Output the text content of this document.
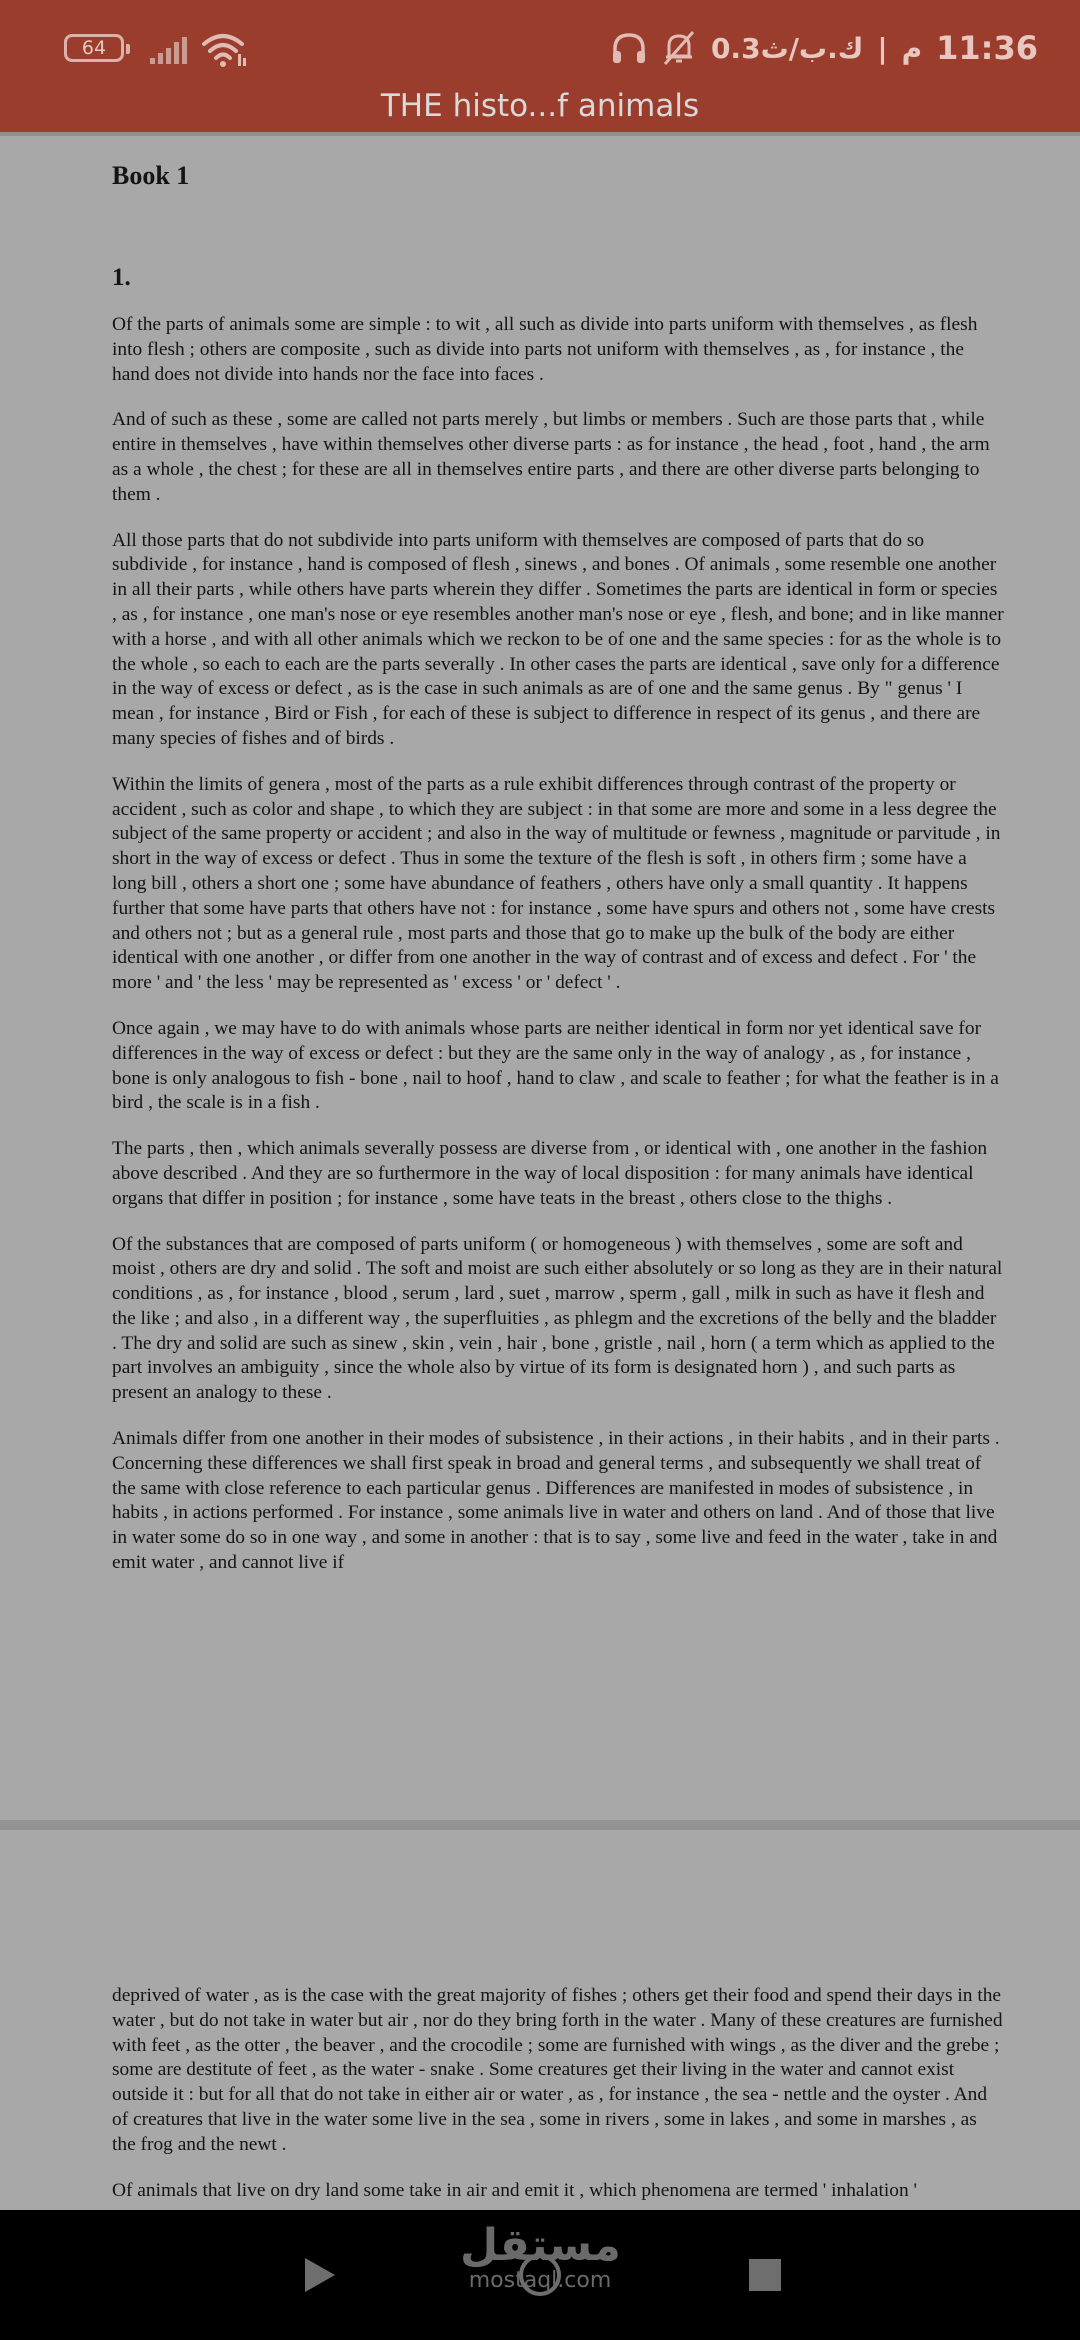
64	0.3ك.ب/ث | م 11:36
THE histo...f animals
Book 1
1.

Of the parts of animals some are simple : to wit , all such as divide into parts uniform with themselves , as flesh into flesh ; others are composite , such as divide into parts not uniform with themselves , as , for instance , the hand does not divide into hands nor the face into faces .

And of such as these , some are called not parts merely , but limbs or members . Such are those parts that , while entire in themselves , have within themselves other diverse parts : as for instance , the head , foot , hand , the arm as a whole , the chest ; for these are all in themselves entire parts , and there are other diverse parts belonging to them .

All those parts that do not subdivide into parts uniform with themselves are composed of parts that do so subdivide , for instance , hand is composed of flesh , sinews , and bones . Of animals , some resemble one another in all their parts , while others have parts wherein they differ . Sometimes the parts are identical in form or species , as , for instance , one man's nose or eye resembles another man's nose or eye , flesh, and bone; and in like manner with a horse , and with all other animals which we reckon to be of one and the same species : for as the whole is to the whole , so each to each are the parts severally . In other cases the parts are identical , save only for a difference in the way of excess or defect , as is the case in such animals as are of one and the same genus . By " genus ' I mean , for instance , Bird or Fish , for each of these is subject to difference in respect of its genus , and there are many species of fishes and of birds .

Within the limits of genera , most of the parts as a rule exhibit differences through contrast of the property or accident , such as color and shape , to which they are subject : in that some are more and some in a less degree the subject of the same property or accident ; and also in the way of multitude or fewness , magnitude or parvitude , in short in the way of excess or defect . Thus in some the texture of the flesh is soft , in others firm ; some have a long bill , others a short one ; some have abundance of feathers , others have only a small quantity . It happens further that some have parts that others have not : for instance , some have spurs and others not , some have crests and others not ; but as a general rule , most parts and those that go to make up the bulk of the body are either identical with one another , or differ from one another in the way of contrast and of excess and defect . For ' the more ' and ' the less ' may be represented as ' excess ' or ' defect ' .

Once again , we may have to do with animals whose parts are neither identical in form nor yet identical save for differences in the way of excess or defect : but they are the same only in the way of analogy , as , for instance , bone is only analogous to fish - bone , nail to hoof , hand to claw , and scale to feather ; for what the feather is in a bird , the scale is in a fish .

The parts , then , which animals severally possess are diverse from , or identical with , one another in the fashion above described . And they are so furthermore in the way of local disposition : for many animals have identical organs that differ in position ; for instance , some have teats in the breast , others close to the thighs .

Of the substances that are composed of parts uniform ( or homogeneous ) with themselves , some are soft and moist , others are dry and solid . The soft and moist are such either absolutely or so long as they are in their natural conditions , as , for instance , blood , serum , lard , suet , marrow , sperm , gall , milk in such as have it flesh and the like ; and also , in a different way , the superfluities , as phlegm and the excretions of the belly and the bladder . The dry and solid are such as sinew , skin , vein , hair , bone , gristle , nail , horn ( a term which as applied to the part involves an ambiguity , since the whole also by virtue of its form is designated horn ) , and such parts as present an analogy to these .

Animals differ from one another in their modes of subsistence , in their actions , in their habits , and in their parts . Concerning these differences we shall first speak in broad and general terms , and subsequently we shall treat of the same with close reference to each particular genus . Differences are manifested in modes of subsistence , in habits , in actions performed . For instance , some animals live in water and others on land . And of those that live in water some do so in one way , and some in another : that is to say , some live and feed in the water , take in and emit water , and cannot live if

deprived of water , as is the case with the great majority of fishes ; others get their food and spend their days in the water , but do not take in water but air , nor do they bring forth in the water . Many of these creatures are furnished with feet , as the otter , the beaver , and the crocodile ; some are furnished with wings , as the diver and the grebe ; some are destitute of feet , as the water - snake . Some creatures get their living in the water and cannot exist outside it : but for all that do not take in either air or water , as , for instance , the sea - nettle and the oyster . And of creatures that live in the water some live in the sea , some in rivers , some in lakes , and some in marshes , as the frog and the newt .

Of animals that live on dry land some take in air and emit it , which phenomena are termed ' inhalation '

مستقل
mostaql.com
